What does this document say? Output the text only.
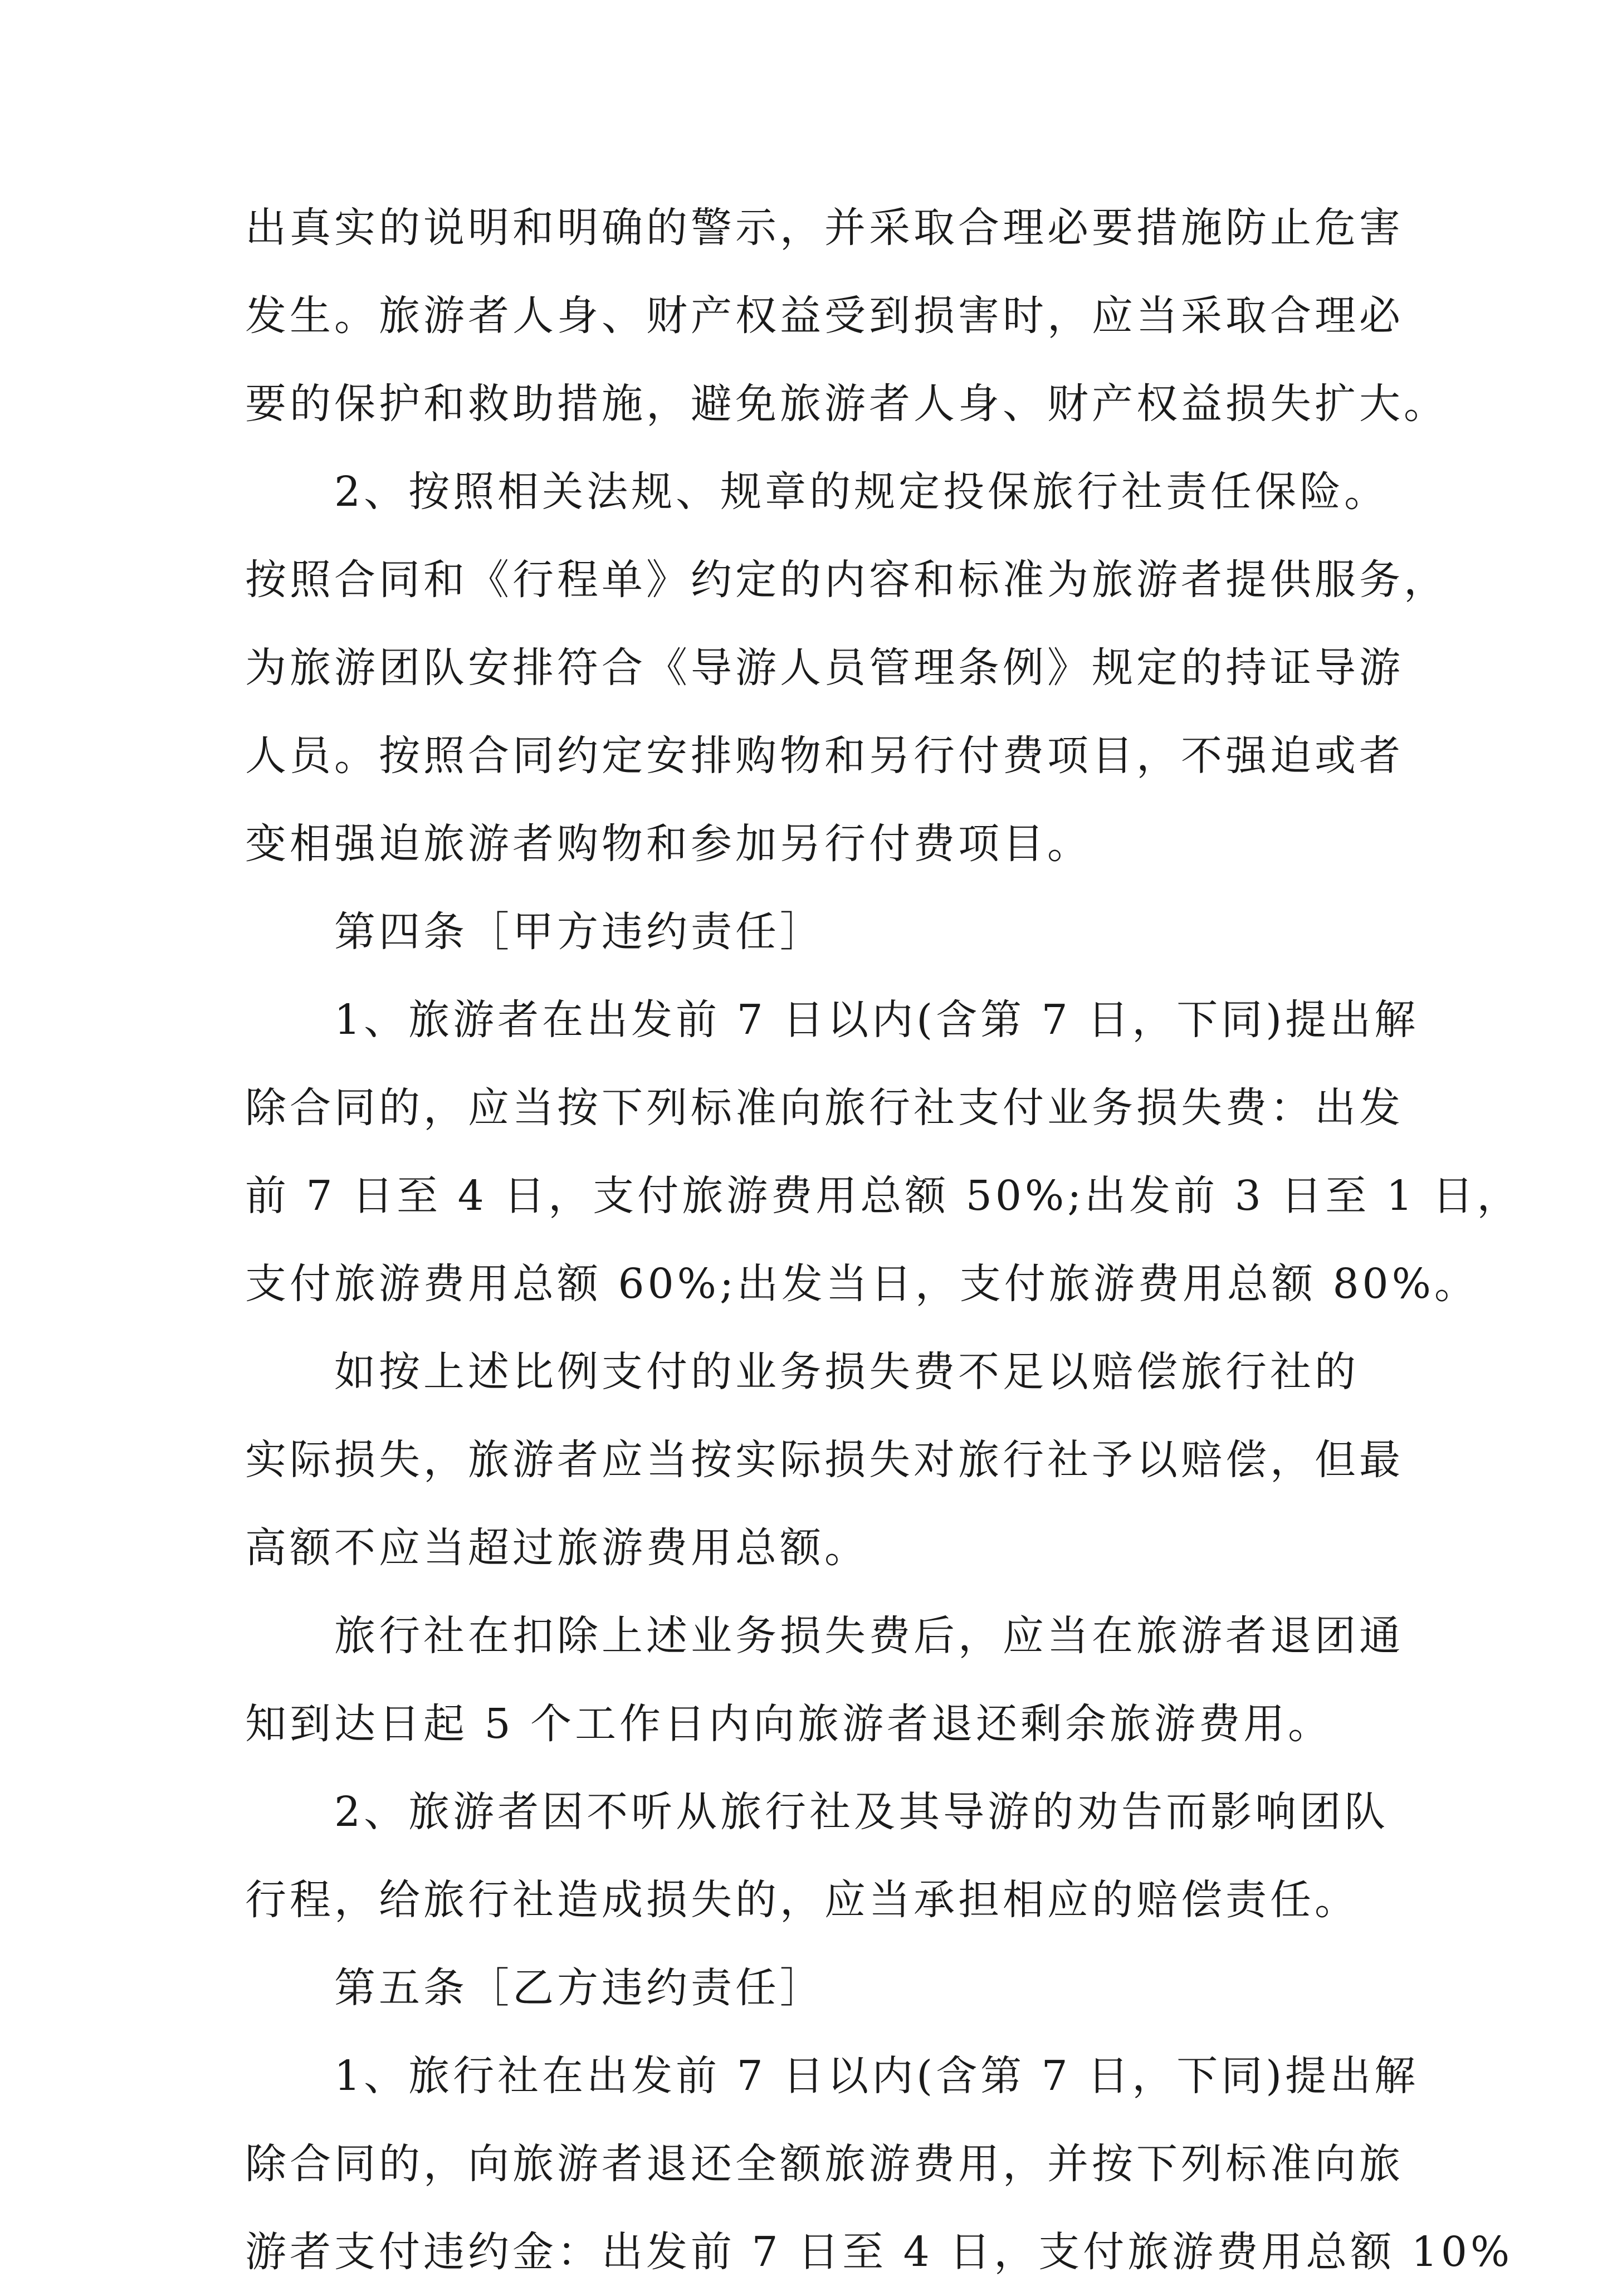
出真实的说明和明确的警示，并采取合理必要措施防止危害
发生。旅游者人身、财产权益受到损害时，应当采取合理必
要的保护和救助措施，避免旅游者人身、财产权益损失扩大。
2、按照相关法规、规章的规定投保旅行社责任保险。
按照合同和《行程单》约定的内容和标准为旅游者提供服务，
为旅游团队安排符合《导游人员管理条例》规定的持证导游
人员。按照合同约定安排购物和另行付费项目，不强迫或者
变相强迫旅游者购物和参加另行付费项目。
第四条［甲方违约责任］
1、旅游者在出发前 7 日以内(含第 7 日，下同)提出解
除合同的，应当按下列标准向旅行社支付业务损失费：出发
前 7 日至 4 日，支付旅游费用总额 50%;出发前 3 日至 1 日，
支付旅游费用总额 60%;出发当日，支付旅游费用总额 80%。
如按上述比例支付的业务损失费不足以赔偿旅行社的
实际损失，旅游者应当按实际损失对旅行社予以赔偿，但最
高额不应当超过旅游费用总额。
旅行社在扣除上述业务损失费后，应当在旅游者退团通
知到达日起 5 个工作日内向旅游者退还剩余旅游费用。
2、旅游者因不听从旅行社及其导游的劝告而影响团队
行程，给旅行社造成损失的，应当承担相应的赔偿责任。
第五条［乙方违约责任］
1、旅行社在出发前 7 日以内(含第 7 日，下同)提出解
除合同的，向旅游者退还全额旅游费用，并按下列标准向旅
游者支付违约金：出发前 7 日至 4 日，支付旅游费用总额 10%
